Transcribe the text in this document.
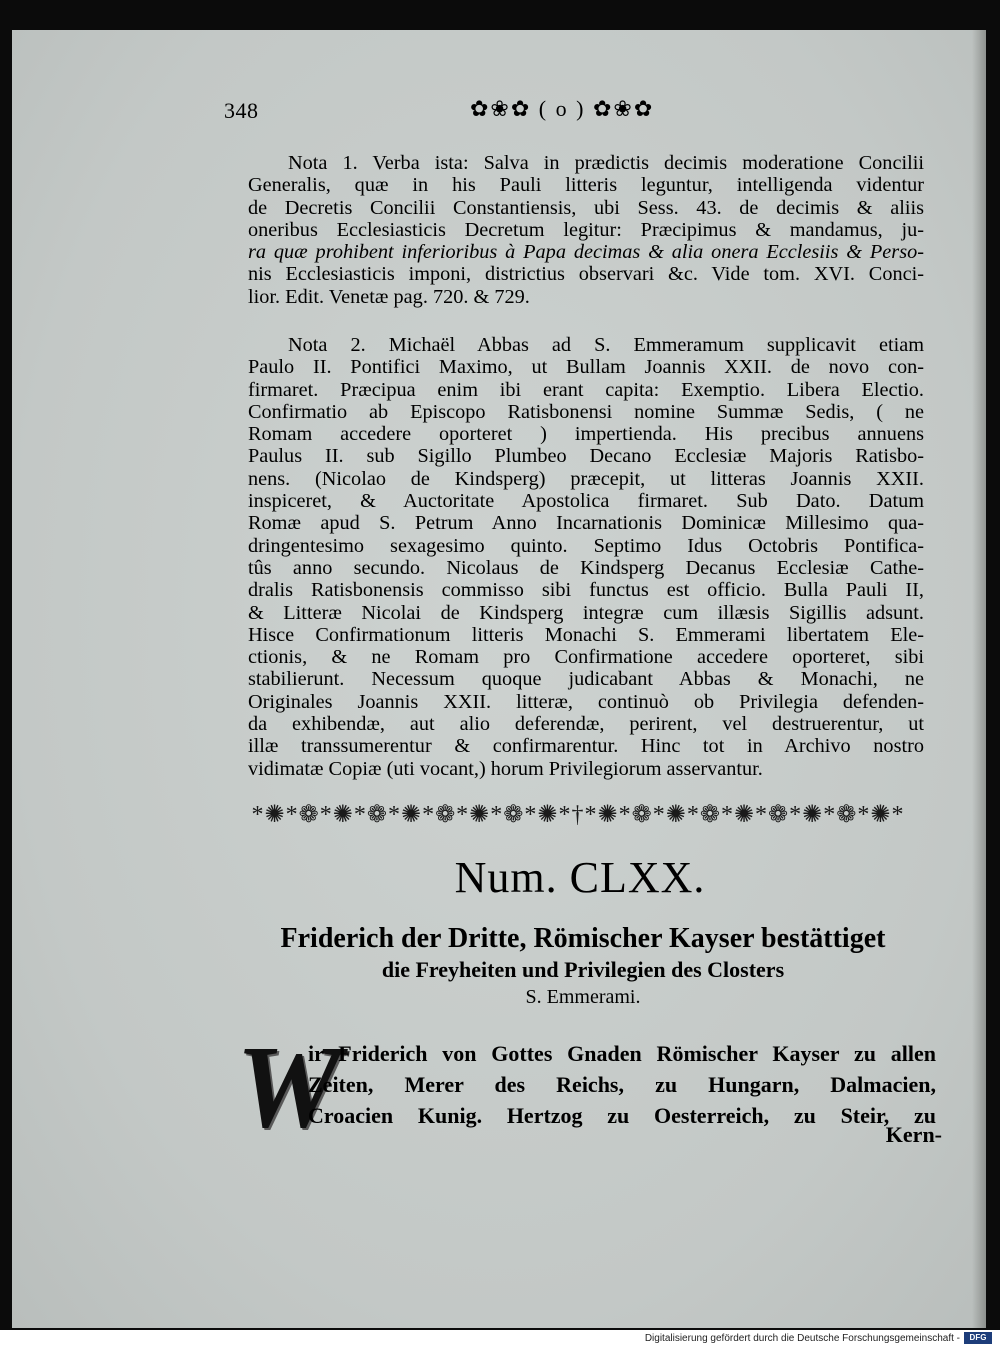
348	✿❀✿ ( o ) ✿❀✿
Nota 1. Verba ista: Salva in prædictis decimis moderatione Concilii
Generalis, quæ in his Pauli litteris leguntur, intelligenda videntur
de Decretis Concilii Constantiensis, ubi Sess. 43. de decimis & aliis
oneribus Ecclesiasticis Decretum legitur: Præcipimus & mandamus, ju-
ra quæ prohibent inferioribus à Papa decimas & alia onera Ecclesiis & Perso-
nis Ecclesiasticis imponi, districtius observari &c. Vide tom. XVI. Conci-
lior. Edit. Venetæ pag. 720. & 729.
Nota 2. Michaël Abbas ad S. Emmeramum supplicavit etiam
Paulo II. Pontifici Maximo, ut Bullam Joannis XXII. de novo con-
firmaret. Præcipua enim ibi erant capita: Exemptio. Libera Electio.
Confirmatio ab Episcopo Ratisbonensi nomine Summæ Sedis, ( ne
Romam accedere oporteret ) impertienda. His precibus annuens
Paulus II. sub Sigillo Plumbeo Decano Ecclesiæ Majoris Ratisbo-
nens. (Nicolao de Kindsperg) præcepit, ut litteras Joannis XXII.
inspiceret, & Auctoritate Apostolica firmaret. Sub Dato. Datum
Romæ apud S. Petrum Anno Incarnationis Dominicæ Millesimo qua-
dringentesimo sexagesimo quinto. Septimo Idus Octobris Pontifica-
tûs anno secundo. Nicolaus de Kindsperg Decanus Ecclesiæ Cathe-
dralis Ratisbonensis commisso sibi functus est officio. Bulla Pauli II,
& Litteræ Nicolai de Kindsperg integræ cum illæsis Sigillis adsunt.
Hisce Confirmationum litteris Monachi S. Emmerami libertatem Ele-
ctionis, & ne Romam pro Confirmatione accedere oporteret, sibi
stabilierunt. Necessum quoque judicabant Abbas & Monachi, ne
Originales Joannis XXII. litteræ, continuò ob Privilegia defenden-
da exhibendæ, aut alio deferendæ, perirent, vel destruerentur, ut
illæ transsumerentur & confirmarentur. Hinc tot in Archivo nostro
vidimatæ Copiæ (uti vocant,) horum Privilegiorum asservantur.
*✺*❁*✺*❁*✺*❁*✺*❁*✺*†*✺*❁*✺*❁*✺*❁*✺*❁*✺*
Num. CLXX.
Friderich der Dritte, Römischer Kayser bestättiget
die Freyheiten und Privilegien des Closters
S. Emmerami.
W
ir Friderich von Gottes Gnaden Römischer Kayser zu allen
Zeiten, Merer des Reichs, zu Hungarn, Dalmacien,
Croacien Kunig. Hertzog zu Oesterreich, zu Steir, zu
Kern-
Digitalisierung gefördert durch die Deutsche Forschungsgemeinschaft -	DFG
